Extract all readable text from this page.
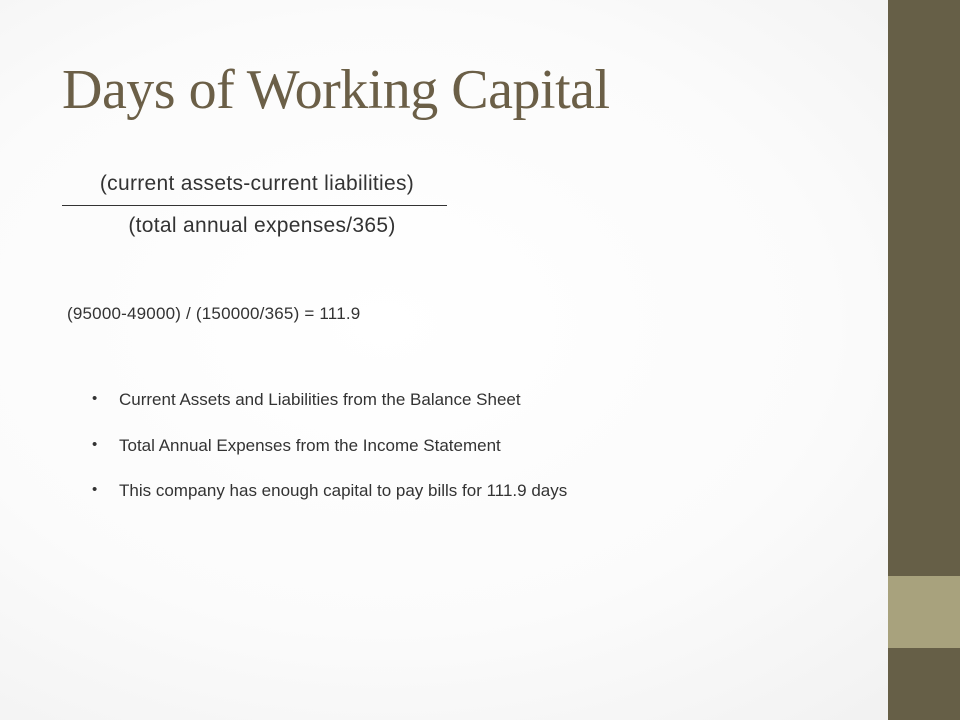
Days of Working Capital
(current assets-current liabilities)
(total annual expenses/365)
(95000-49000) / (150000/365) = 111.9
• Current Assets and Liabilities from the Balance Sheet
• Total Annual Expenses from the Income Statement
• This company has enough capital to pay bills for 111.9 days
